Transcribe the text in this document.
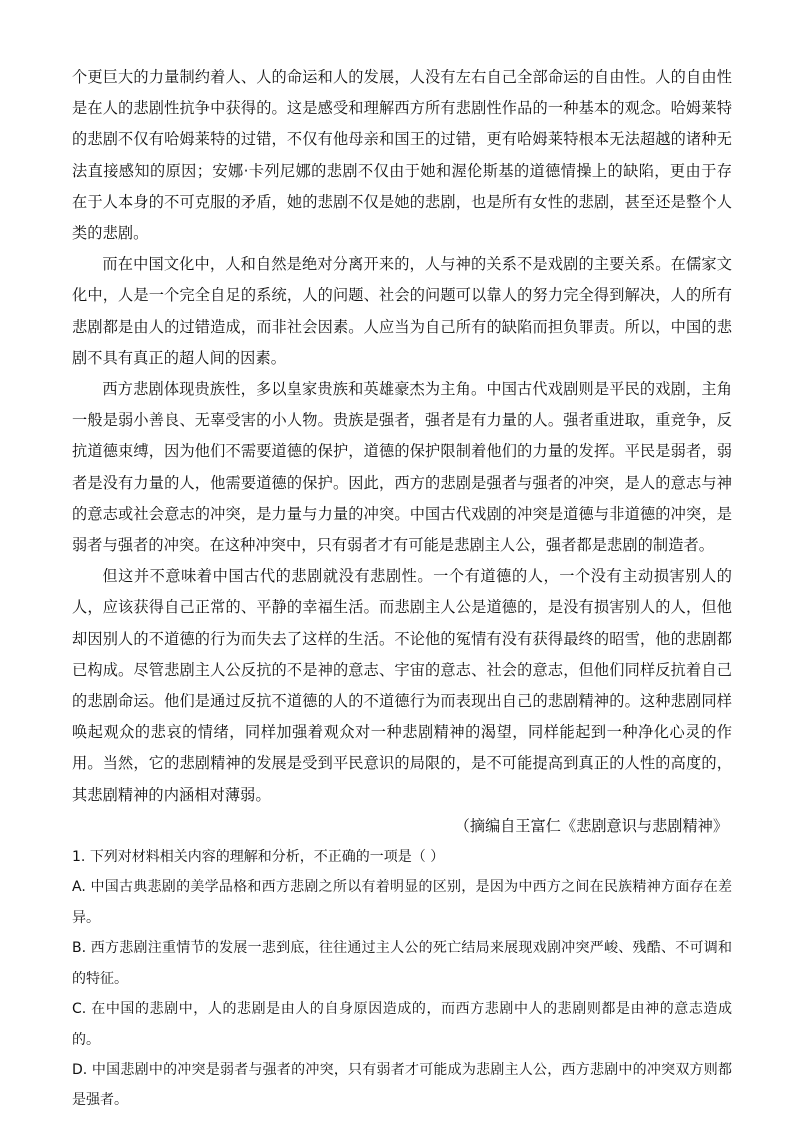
个更巨大的力量制约着人、人的命运和人的发展，人没有左右自己全部命运的自由性。人的自由性是在人的悲剧性抗争中获得的。这是感受和理解西方所有悲剧性作品的一种基本的观念。哈姆莱特的悲剧不仅有哈姆莱特的过错，不仅有他母亲和国王的过错，更有哈姆莱特根本无法超越的诸种无法直接感知的原因；安娜·卡列尼娜的悲剧不仅由于她和渥伦斯基的道德情操上的缺陷，更由于存在于人本身的不可克服的矛盾，她的悲剧不仅是她的悲剧，也是所有女性的悲剧，甚至还是整个人类的悲剧。

而在中国文化中，人和自然是绝对分离开来的，人与神的关系不是戏剧的主要关系。在儒家文化中，人是一个完全自足的系统，人的问题、社会的问题可以靠人的努力完全得到解决，人的所有悲剧都是由人的过错造成，而非社会因素。人应当为自己所有的缺陷而担负罪责。所以，中国的悲剧不具有真正的超人间的因素。

西方悲剧体现贵族性，多以皇家贵族和英雄豪杰为主角。中国古代戏剧则是平民的戏剧，主角一般是弱小善良、无辜受害的小人物。贵族是强者，强者是有力量的人。强者重进取，重竞争，反抗道德束缚，因为他们不需要道德的保护，道德的保护限制着他们的力量的发挥。平民是弱者，弱者是没有力量的人，他需要道德的保护。因此，西方的悲剧是强者与强者的冲突，是人的意志与神的意志或社会意志的冲突，是力量与力量的冲突。中国古代戏剧的冲突是道德与非道德的冲突，是弱者与强者的冲突。在这种冲突中，只有弱者才有可能是悲剧主人公，强者都是悲剧的制造者。

但这并不意味着中国古代的悲剧就没有悲剧性。一个有道德的人，一个没有主动损害别人的人，应该获得自己正常的、平静的幸福生活。而悲剧主人公是道德的，是没有损害别人的人，但他却因别人的不道德的行为而失去了这样的生活。不论他的冤情有没有获得最终的昭雪，他的悲剧都已构成。尽管悲剧主人公反抗的不是神的意志、宇宙的意志、社会的意志，但他们同样反抗着自己的悲剧命运。他们是通过反抗不道德的人的不道德行为而表现出自己的悲剧精神的。这种悲剧同样唤起观众的悲哀的情绪，同样加强着观众对一种悲剧精神的渴望，同样能起到一种净化心灵的作用。当然，它的悲剧精神的发展是受到平民意识的局限的，是不可能提高到真正的人性的高度的，其悲剧精神的内涵相对薄弱。

（摘编自王富仁《悲剧意识与悲剧精神》

1. 下列对材料相关内容的理解和分析，不正确的一项是（ ）

A. 中国古典悲剧的美学品格和西方悲剧之所以有着明显的区别，是因为中西方之间在民族精神方面存在差异。

B. 西方悲剧注重情节的发展一悲到底，往往通过主人公的死亡结局来展现戏剧冲突严峻、残酷、不可调和的特征。

C. 在中国的悲剧中，人的悲剧是由人的自身原因造成的，而西方悲剧中人的悲剧则都是由神的意志造成的。

D. 中国悲剧中的冲突是弱者与强者的冲突，只有弱者才可能成为悲剧主人公，西方悲剧中的冲突双方则都是强者。
